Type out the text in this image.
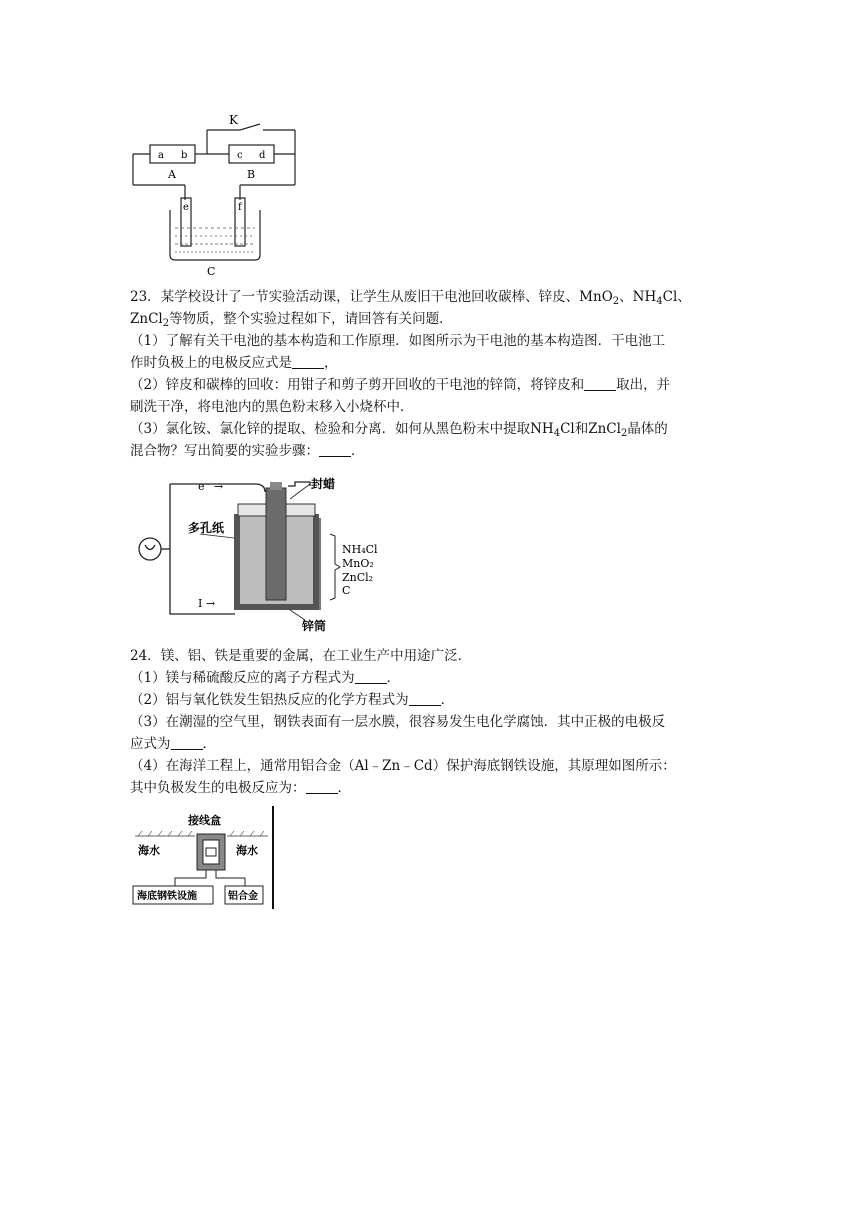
K
a b	c d
A	B
e	f
C

23．某学校设计了一节实验活动课，让学生从废旧干电池回收碳棒、锌皮、MnO$_2$、$NH_4Cl$、

ZnCl$_2$等物质，整个实验过程如下，请回答有关问题．

（1）了解有关干电池的基本构造和工作原理．如图所示为干电池的基本构造图．干电池工

作时负极上的电极反应式是 ，

（2）锌皮和碳棒的回收：用钳子和剪子剪开回收的干电池的锌筒，将锌皮和 取出，并

刷洗干净，将电池内的黑色粉末移入小烧杯中．

（3）氯化铵、氯化锌的提取、检验和分离．如何从黑色粉末中提取$NH_4Cl$和ZnCl$_2$晶体的

混合物？写出简要的实验步骤： ．

e⁻ →
I →
封蜡
多孔纸
NH₄Cl
MnO₂
ZnCl₂
C
锌筒

24．镁、铝、铁是重要的金属，在工业生产中用途广泛．

（1）镁与稀硫酸反应的离子方程式为 ．

（2）铝与氧化铁发生铝热反应的化学方程式为 ．

（3）在潮湿的空气里，钢铁表面有一层水膜，很容易发生电化学腐蚀．其中正极的电极反

应式为 ．

（4）在海洋工程上，通常用铝合金（Al﹣Zn﹣Cd）保护海底钢铁设施，其原理如图所示：

其中负极发生的电极反应为： ．

接线盒
海水	海水
海底钢铁设施	铝合金
